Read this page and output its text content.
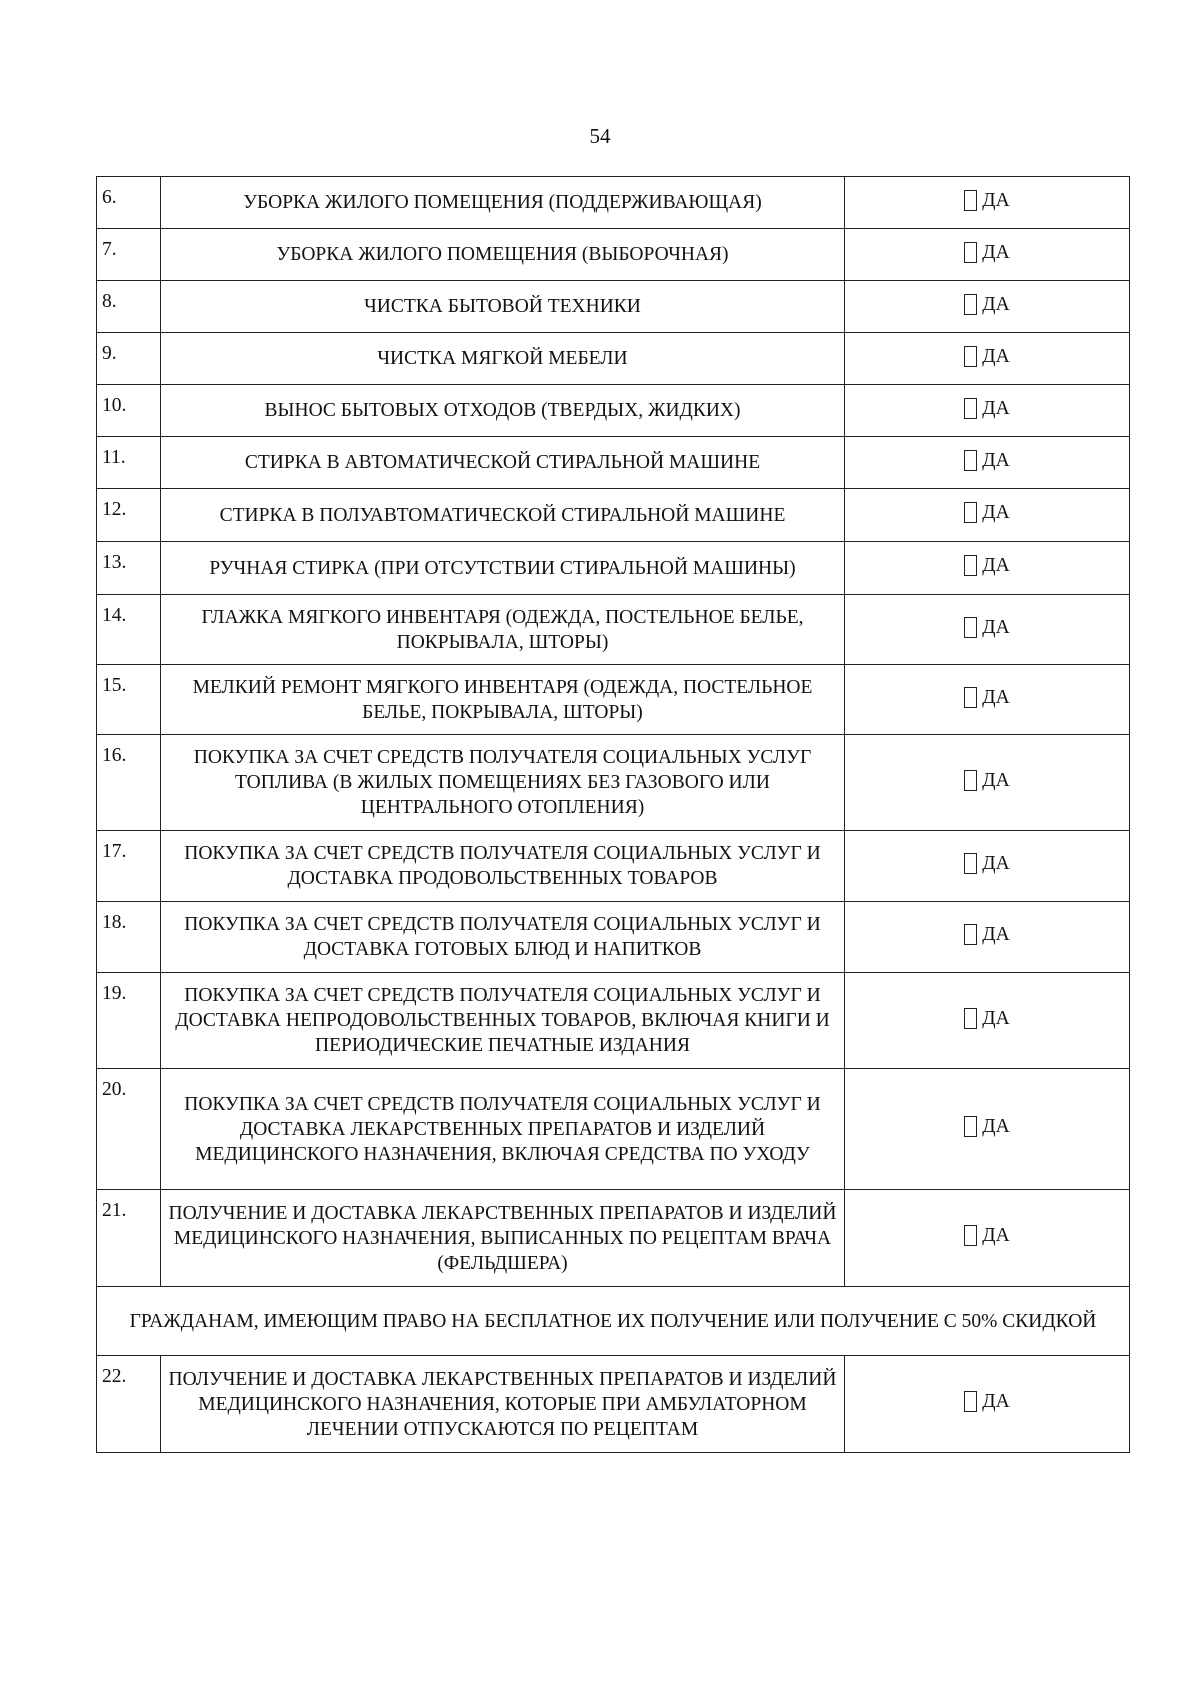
54
6.	УБОРКА ЖИЛОГО ПОМЕЩЕНИЯ (ПОДДЕРЖИВАЮЩАЯ)	ДА

7.	УБОРКА ЖИЛОГО ПОМЕЩЕНИЯ (ВЫБОРОЧНАЯ)	ДА

8.	ЧИСТКА БЫТОВОЙ ТЕХНИКИ	ДА

9.	ЧИСТКА МЯГКОЙ МЕБЕЛИ	ДА

10.	ВЫНОС БЫТОВЫХ ОТХОДОВ (ТВЕРДЫХ, ЖИДКИХ)	ДА

11.	СТИРКА В АВТОМАТИЧЕСКОЙ СТИРАЛЬНОЙ МАШИНЕ	ДА

12.	СТИРКА В ПОЛУАВТОМАТИЧЕСКОЙ СТИРАЛЬНОЙ МАШИНЕ	ДА

13.	РУЧНАЯ СТИРКА (ПРИ ОТСУТСТВИИ СТИРАЛЬНОЙ МАШИНЫ)	ДА

14.	ГЛАЖКА МЯГКОГО ИНВЕНТАРЯ (ОДЕЖДА, ПОСТЕЛЬНОЕ БЕЛЬЕ, ПОКРЫВАЛА, ШТОРЫ)	ДА

15.	МЕЛКИЙ РЕМОНТ МЯГКОГО ИНВЕНТАРЯ (ОДЕЖДА, ПОСТЕЛЬНОЕ БЕЛЬЕ, ПОКРЫВАЛА, ШТОРЫ)	ДА

16.	ПОКУПКА ЗА СЧЕТ СРЕДСТВ ПОЛУЧАТЕЛЯ СОЦИАЛЬНЫХ УСЛУГ ТОПЛИВА (В ЖИЛЫХ ПОМЕЩЕНИЯХ БЕЗ ГАЗОВОГО ИЛИ ЦЕНТРАЛЬНОГО ОТОПЛЕНИЯ)	ДА

17.	ПОКУПКА ЗА СЧЕТ СРЕДСТВ ПОЛУЧАТЕЛЯ СОЦИАЛЬНЫХ УСЛУГ И ДОСТАВКА ПРОДОВОЛЬСТВЕННЫХ ТОВАРОВ	ДА

18.	ПОКУПКА ЗА СЧЕТ СРЕДСТВ ПОЛУЧАТЕЛЯ СОЦИАЛЬНЫХ УСЛУГ И ДОСТАВКА ГОТОВЫХ БЛЮД И НАПИТКОВ	ДА

19.	ПОКУПКА ЗА СЧЕТ СРЕДСТВ ПОЛУЧАТЕЛЯ СОЦИАЛЬНЫХ УСЛУГ И ДОСТАВКА НЕПРОДОВОЛЬСТВЕННЫХ ТОВАРОВ, ВКЛЮЧАЯ КНИГИ И ПЕРИОДИЧЕСКИЕ ПЕЧАТНЫЕ ИЗДАНИЯ	ДА

20.	ПОКУПКА ЗА СЧЕТ СРЕДСТВ ПОЛУЧАТЕЛЯ СОЦИАЛЬНЫХ УСЛУГ И ДОСТАВКА ЛЕКАРСТВЕННЫХ ПРЕПАРАТОВ И ИЗДЕЛИЙ МЕДИЦИНСКОГО НАЗНАЧЕНИЯ, ВКЛЮЧАЯ СРЕДСТВА ПО УХОДУ	ДА

21.	ПОЛУЧЕНИЕ И ДОСТАВКА ЛЕКАРСТВЕННЫХ ПРЕПАРАТОВ И ИЗДЕЛИЙ МЕДИЦИНСКОГО НАЗНАЧЕНИЯ, ВЫПИСАННЫХ ПО РЕЦЕПТАМ ВРАЧА (ФЕЛЬДШЕРА)	ДА

ГРАЖДАНАМ, ИМЕЮЩИМ ПРАВО НА БЕСПЛАТНОЕ ИХ ПОЛУЧЕНИЕ ИЛИ ПОЛУЧЕНИЕ С 50% СКИДКОЙ		
22.	ПОЛУЧЕНИЕ И ДОСТАВКА ЛЕКАРСТВЕННЫХ ПРЕПАРАТОВ И ИЗДЕЛИЙ МЕДИЦИНСКОГО НАЗНАЧЕНИЯ, КОТОРЫЕ ПРИ АМБУЛАТОРНОМ ЛЕЧЕНИИ ОТПУСКАЮТСЯ ПО РЕЦЕПТАМ	ДА
